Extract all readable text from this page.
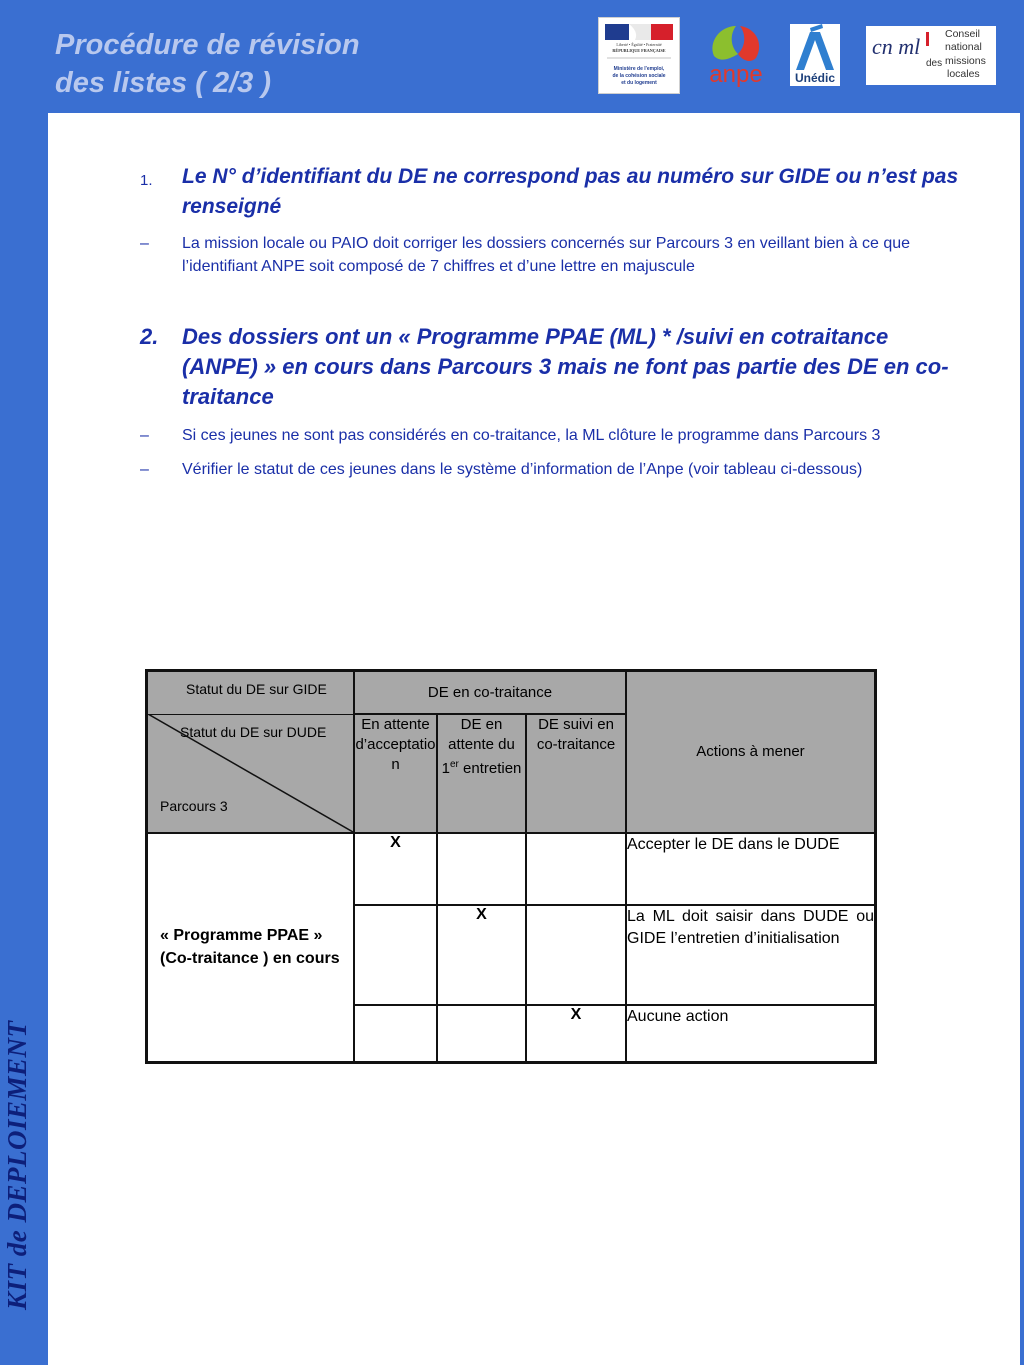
Procédure de révision
des listes ( 2/3 )
Liberté • Égalité • Fraternité
RÉPUBLIQUE FRANÇAISE
Ministère de l'emploi,
de la cohésion sociale
et du logement anpe	Unédic
cn ml
des
Conseil
national
missions
locales
KIT de DEPLOIEMENT
1.	Le N° d’identifiant du DE ne correspond pas au numéro sur GIDE ou n’est pas renseigné
– La mission locale ou PAIO doit corriger les dossiers concernés sur Parcours 3 en veillant bien à ce que l’identifiant ANPE soit composé de 7 chiffres et d’une lettre en majuscule
2.	Des dossiers ont un « Programme PPAE (ML) * /suivi en cotraitance (ANPE) » en cours dans Parcours 3 mais ne font pas partie des DE en co-traitance
– Si ces jeunes ne sont pas considérés en co-traitance, la ML clôture le programme dans Parcours 3
– Vérifier le statut de ces jeunes dans le système d’information de l’Anpe (voir tableau ci-dessous)
Statut du DE sur GIDE
Statut du DE sur DUDE
Parcours 3	DE en co-traitance			Actions à mener
	En attente d’acceptation	DE en attente du 1er entretien	DE suivi en co-traitance	

« Programme PPAE » (Co-traitance ) en cours	X			Accepter le DE dans le DUDE
		X		La ML doit saisir dans DUDE ou GIDE l’entretien d’initialisation
			X	Aucune action
